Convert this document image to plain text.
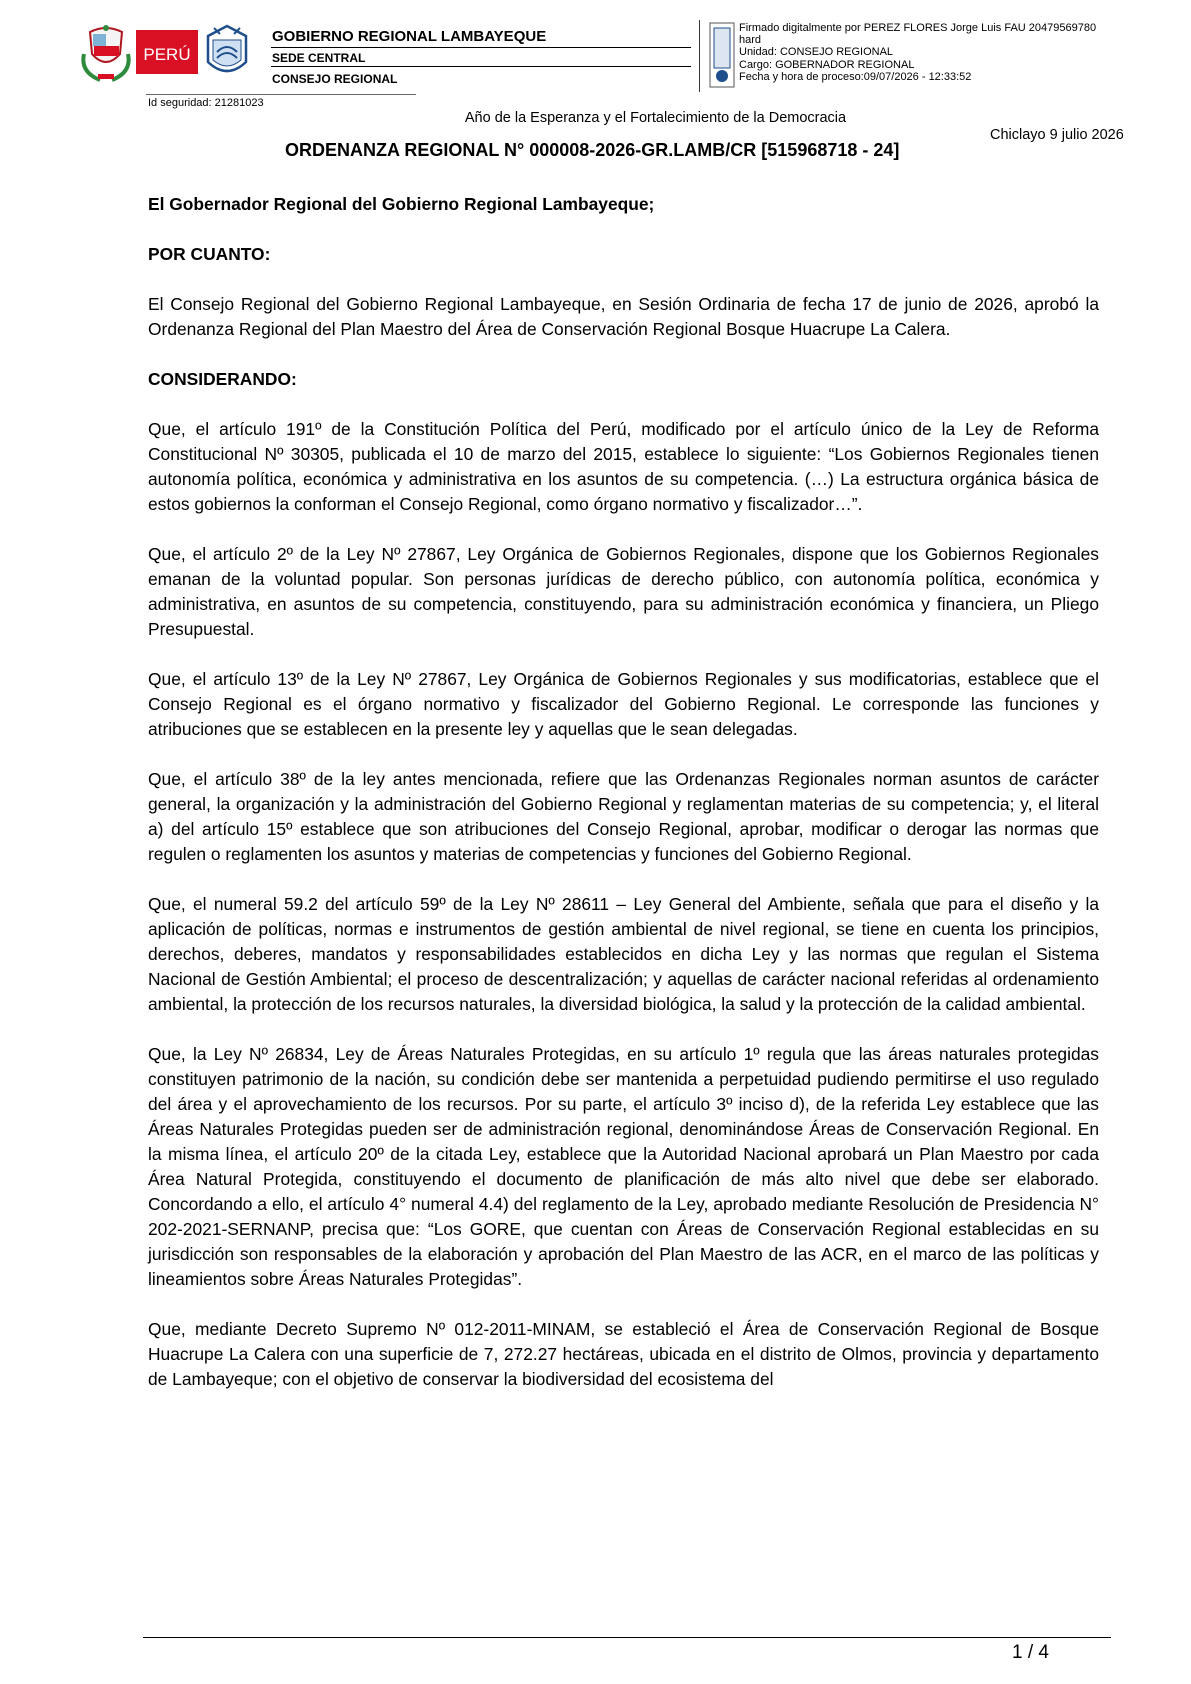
PERÚ
GOBIERNO REGIONAL LAMBAYEQUE
SEDE CENTRAL
CONSEJO REGIONAL
Firmado digitalmente por PEREZ FLORES Jorge Luis FAU 20479569780
hard
Unidad: CONSEJO REGIONAL
Cargo: GOBERNADOR REGIONAL
Fecha y hora de proceso:09/07/2026 - 12:33:52
Id seguridad: 21281023
Año de la Esperanza y el Fortalecimiento de la Democracia
Chiclayo 9 julio 2026
ORDENANZA REGIONAL N° 000008-2026-GR.LAMB/CR [515968718 - 24]

El Gobernador Regional del Gobierno Regional Lambayeque;

POR CUANTO:

El Consejo Regional del Gobierno Regional Lambayeque, en Sesión Ordinaria de fecha 17 de junio de 2026, aprobó la Ordenanza Regional del Plan Maestro del Área de Conservación Regional Bosque Huacrupe La Calera.

CONSIDERANDO:

Que, el artículo 191º de la Constitución Política del Perú, modificado por el artículo único de la Ley de Reforma Constitucional Nº 30305, publicada el 10 de marzo del 2015, establece lo siguiente: “Los Gobiernos Regionales tienen autonomía política, económica y administrativa en los asuntos de su competencia. (…) La estructura orgánica básica de estos gobiernos la conforman el Consejo Regional, como órgano normativo y fiscalizador…”.

Que, el artículo 2º de la Ley Nº 27867, Ley Orgánica de Gobiernos Regionales, dispone que los Gobiernos Regionales emanan de la voluntad popular. Son personas jurídicas de derecho público, con autonomía política, económica y administrativa, en asuntos de su competencia, constituyendo, para su administración económica y financiera, un Pliego Presupuestal.

Que, el artículo 13º de la Ley Nº 27867, Ley Orgánica de Gobiernos Regionales y sus modificatorias, establece que el Consejo Regional es el órgano normativo y fiscalizador del Gobierno Regional. Le corresponde las funciones y atribuciones que se establecen en la presente ley y aquellas que le sean delegadas.

Que, el artículo 38º de la ley antes mencionada, refiere que las Ordenanzas Regionales norman asuntos de carácter general, la organización y la administración del Gobierno Regional y reglamentan materias de su competencia; y, el literal a) del artículo 15º establece que son atribuciones del Consejo Regional, aprobar, modificar o derogar las normas que regulen o reglamenten los asuntos y materias de competencias y funciones del Gobierno Regional.

Que, el numeral 59.2 del artículo 59º de la Ley Nº 28611 – Ley General del Ambiente, señala que para el diseño y la aplicación de políticas, normas e instrumentos de gestión ambiental de nivel regional, se tiene en cuenta los principios, derechos, deberes, mandatos y responsabilidades establecidos en dicha Ley y las normas que regulan el Sistema Nacional de Gestión Ambiental; el proceso de descentralización; y aquellas de carácter nacional referidas al ordenamiento ambiental, la protección de los recursos naturales, la diversidad biológica, la salud y la protección de la calidad ambiental.

Que, la Ley Nº 26834, Ley de Áreas Naturales Protegidas, en su artículo 1º regula que las áreas naturales protegidas constituyen patrimonio de la nación, su condición debe ser mantenida a perpetuidad pudiendo permitirse el uso regulado del área y el aprovechamiento de los recursos. Por su parte, el artículo 3º inciso d), de la referida Ley establece que las Áreas Naturales Protegidas pueden ser de administración regional, denominándose Áreas de Conservación Regional. En la misma línea, el artículo 20º de la citada Ley, establece que la Autoridad Nacional aprobará un Plan Maestro por cada Área Natural Protegida, constituyendo el documento de planificación de más alto nivel que debe ser elaborado. Concordando a ello, el artículo 4° numeral 4.4) del reglamento de la Ley, aprobado mediante Resolución de Presidencia N° 202-2021-SERNANP, precisa que: “Los GORE, que cuentan con Áreas de Conservación Regional establecidas en su jurisdicción son responsables de la elaboración y aprobación del Plan Maestro de las ACR, en el marco de las políticas y lineamientos sobre Áreas Naturales Protegidas”.

Que, mediante Decreto Supremo Nº 012-2011-MINAM, se estableció el Área de Conservación Regional de Bosque Huacrupe La Calera con una superficie de 7, 272.27 hectáreas, ubicada en el distrito de Olmos, provincia y departamento de Lambayeque; con el objetivo de conservar la biodiversidad del ecosistema del

1 / 4
